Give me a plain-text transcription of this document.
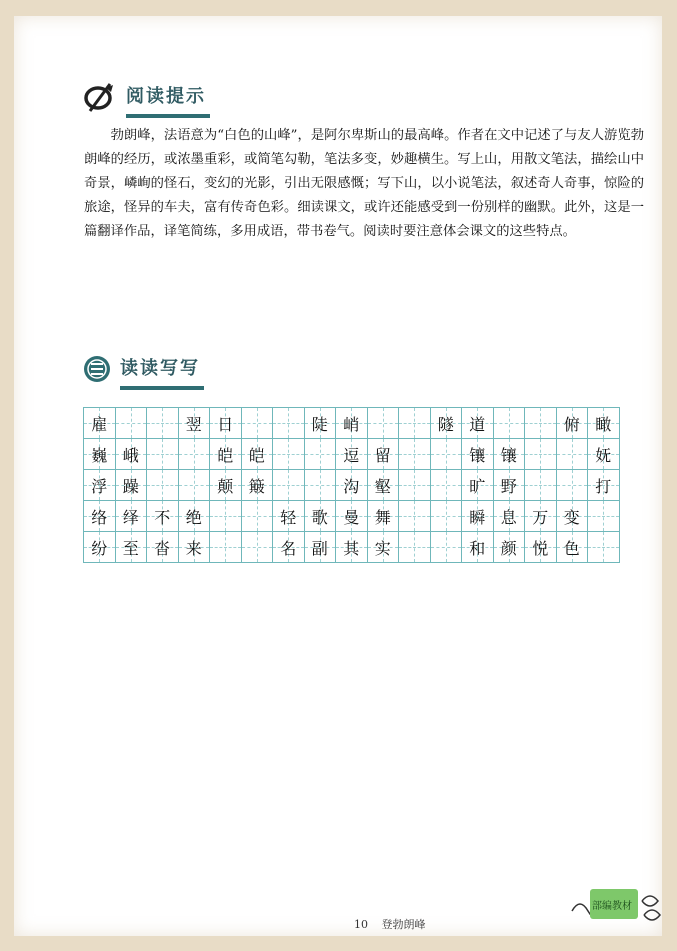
阅读提示

勃朗峰，法语意为“白色的山峰”，是阿尔卑斯山的最高峰。作者在文中记述了与友人游览勃朗峰的经历，或浓墨重彩，或简笔勾勒，笔法多变，妙趣横生。写上山，用散文笔法，描绘山中奇景，嶙峋的怪石，变幻的光影，引出无限感慨；写下山，以小说笔法，叙述奇人奇事，惊险的旅途，怪异的车夫，富有传奇色彩。细读课文，或许还能感受到一份别样的幽默。此外，这是一篇翻译作品，译笔简练，多用成语，带书卷气。阅读时要注意体会课文的这些特点。

读读写写
雇			翌	日			陡	峭			隧	道			俯	瞰
巍	峨			皑	皑			逗	留			镶	镶			妩
浮	躁			颠	簸			沟	壑			旷	野			打
络	绎	不	绝			轻	歌	曼	舞			瞬	息	万	变	
纷	至	沓	来			名	副	其	实			和	颜	悦	色	
10 登勃朗峰
部编教材
